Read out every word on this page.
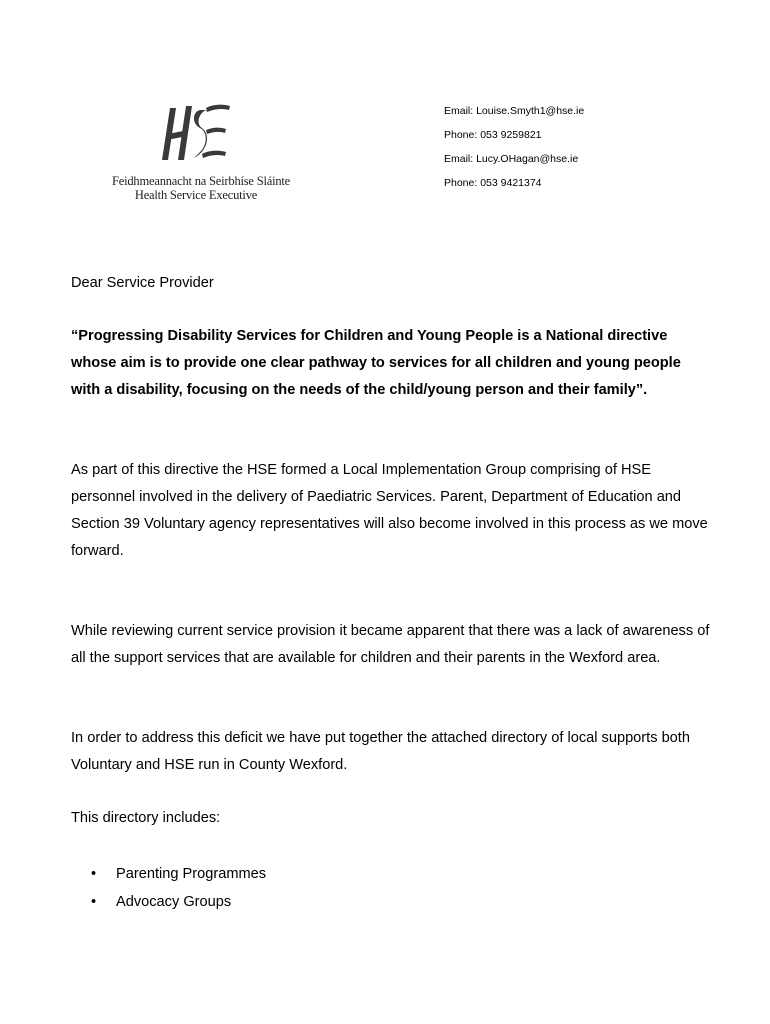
Feidhmeannacht na Seirbhíse Sláinte
Health Service Executive
Email: Louise.Smyth1@hse.ie
Phone: 053 9259821
Email: Lucy.OHagan@hse.ie
Phone: 053 9421374
Dear Service Provider
“Progressing Disability Services for Children and Young People is a National directive whose aim is to provide one clear pathway to services for all children and young people with a disability, focusing on the needs of the child/young person and their family”.
As part of this directive the HSE formed a Local Implementation Group comprising of HSE personnel involved in the delivery of Paediatric Services. Parent, Department of Education and Section 39 Voluntary agency representatives will also become involved in this process as we move forward.
While reviewing current service provision it became apparent that there was a lack of awareness of all the support services that are available for children and their parents in the Wexford area.
In order to address this deficit we have put together the attached directory of local supports both Voluntary and HSE run in County Wexford.
This directory includes:
• Parenting Programmes
• Advocacy Groups
